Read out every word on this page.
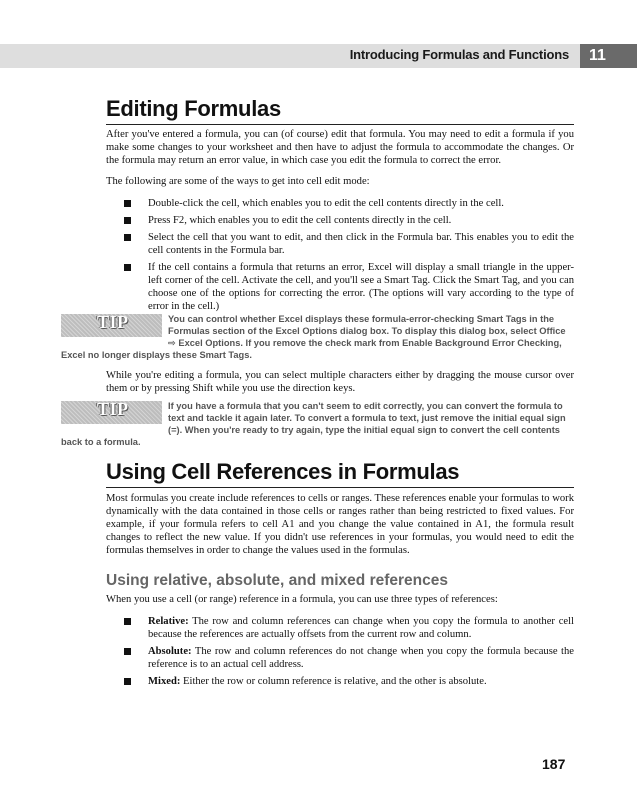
Introducing Formulas and Functions	11
Editing Formulas

After you've entered a formula, you can (of course) edit that formula. You may need to edit a formula if you make some changes to your worksheet and then have to adjust the formula to accommodate the changes. Or the formula may return an error value, in which case you edit the formula to correct the error.

The following are some of the ways to get into cell edit mode:

Double-click the cell, which enables you to edit the cell contents directly in the cell.
Press F2, which enables you to edit the cell contents directly in the cell.
Select the cell that you want to edit, and then click in the Formula bar. This enables you to edit the cell contents in the Formula bar.
If the cell contains a formula that returns an error, Excel will display a small triangle in the upper-left corner of the cell. Activate the cell, and you'll see a Smart Tag. Click the Smart Tag, and you can choose one of the options for correcting the error. (The options will vary according to the type of error in the cell.)
TIP	You can control whether Excel displays these formula-error-checking Smart Tags in the Formulas section of the Excel Options dialog box. To display this dialog box, select Office ⇨ Excel Options. If you remove the check mark from Enable Background Error Checking, Excel no longer displays these Smart Tags.

While you're editing a formula, you can select multiple characters either by dragging the mouse cursor over them or by pressing Shift while you use the direction keys.

TIP	If you have a formula that you can't seem to edit correctly, you can convert the formula to text and tackle it again later. To convert a formula to text, just remove the initial equal sign (=). When you're ready to try again, type the initial equal sign to convert the cell contents back to a formula.
Using Cell References in Formulas

Most formulas you create include references to cells or ranges. These references enable your formulas to work dynamically with the data contained in those cells or ranges rather than being restricted to fixed values. For example, if your formula refers to cell A1 and you change the value contained in A1, the formula result changes to reflect the new value. If you didn't use references in your formulas, you would need to edit the formulas themselves in order to change the values used in the formulas.

Using relative, absolute, and mixed references

When you use a cell (or range) reference in a formula, you can use three types of references:

Relative: The row and column references can change when you copy the formula to another cell because the references are actually offsets from the current row and column.
Absolute: The row and column references do not change when you copy the formula because the reference is to an actual cell address.
Mixed: Either the row or column reference is relative, and the other is absolute.
187
